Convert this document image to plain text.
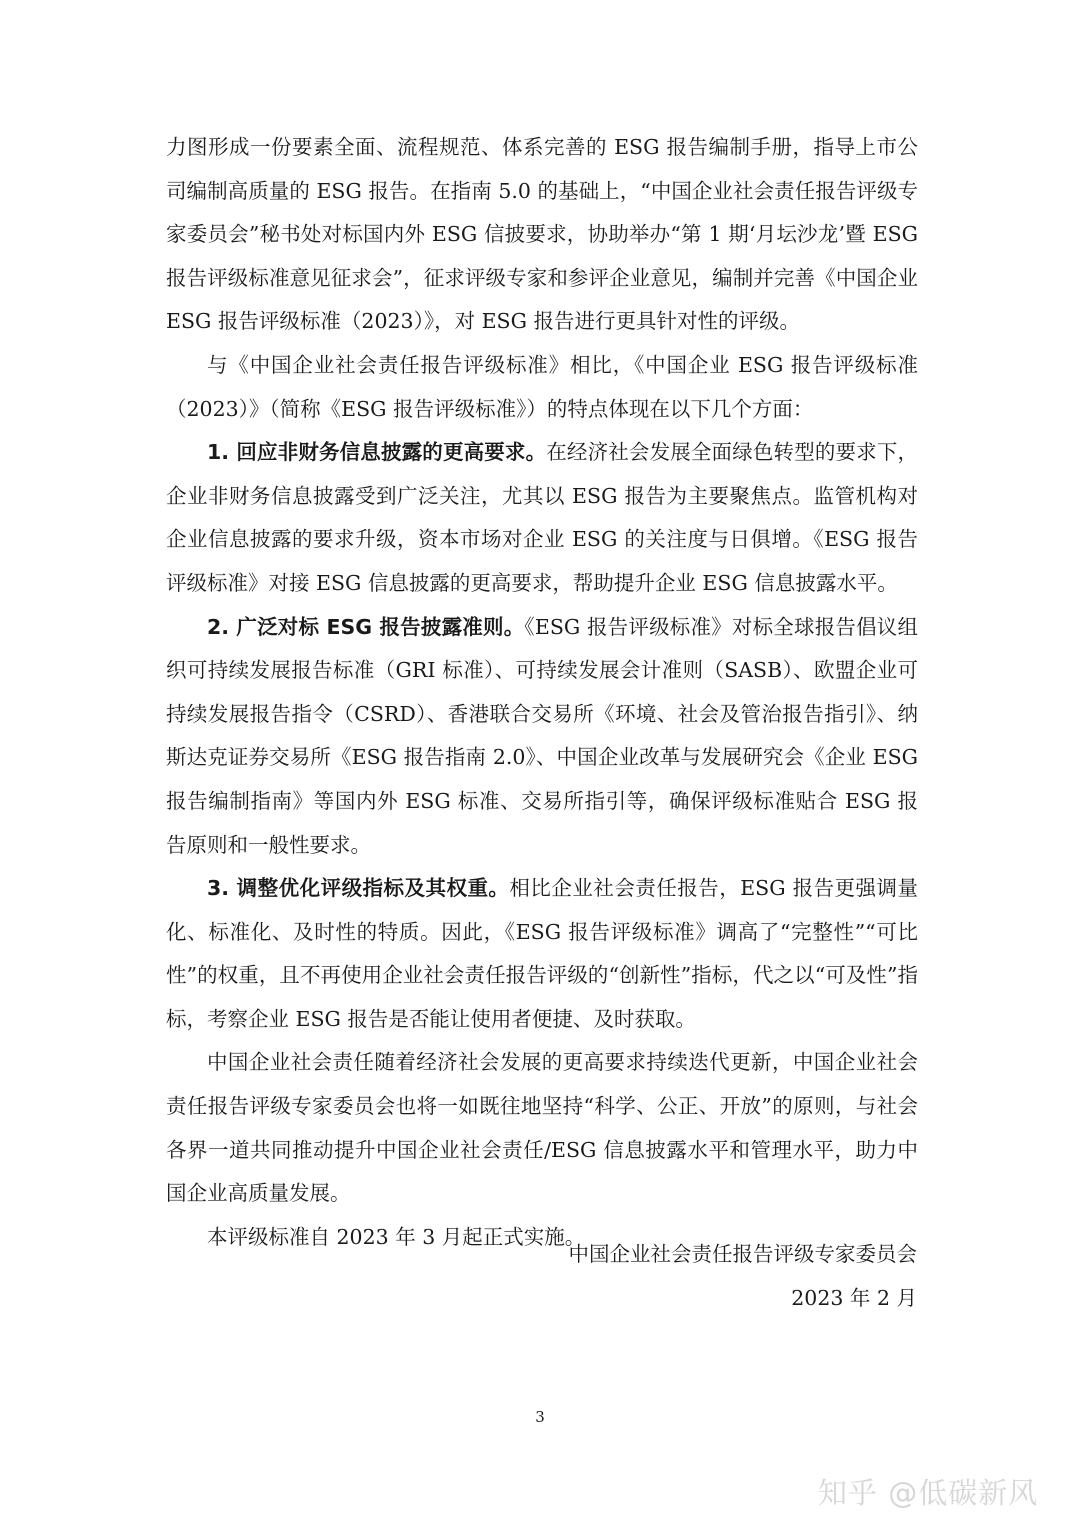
力图形成一份要素全面、流程规范、体系完善的 ESG 报告编制手册，指导上市公司编制高质量的 ESG 报告。在指南 5.0 的基础上，“中国企业社会责任报告评级专家委员会”秘书处对标国内外 ESG 信披要求，协助举办“第 1 期‘月坛沙龙’暨 ESG 报告评级标准意见征求会”，征求评级专家和参评企业意见，编制并完善《中国企业 ESG 报告评级标准（2023）》，对 ESG 报告进行更具针对性的评级。

与《中国企业社会责任报告评级标准》相比，《中国企业 ESG 报告评级标准（2023）》（简称《ESG 报告评级标准》）的特点体现在以下几个方面：

1. 回应非财务信息披露的更高要求。在经济社会发展全面绿色转型的要求下，企业非财务信息披露受到广泛关注，尤其以 ESG 报告为主要聚焦点。监管机构对企业信息披露的要求升级，资本市场对企业 ESG 的关注度与日俱增。《ESG 报告评级标准》对接 ESG 信息披露的更高要求，帮助提升企业 ESG 信息披露水平。

2. 广泛对标 ESG 报告披露准则。《ESG 报告评级标准》对标全球报告倡议组织可持续发展报告标准（GRI 标准）、可持续发展会计准则（SASB）、欧盟企业可持续发展报告指令（CSRD）、香港联合交易所《环境、社会及管治报告指引》、纳斯达克证券交易所《ESG 报告指南 2.0》、中国企业改革与发展研究会《企业 ESG 报告编制指南》等国内外 ESG 标准、交易所指引等，确保评级标准贴合 ESG 报告原则和一般性要求。

3. 调整优化评级指标及其权重。相比企业社会责任报告，ESG 报告更强调量化、标准化、及时性的特质。因此，《ESG 报告评级标准》调高了“完整性”“可比性”的权重，且不再使用企业社会责任报告评级的“创新性”指标，代之以“可及性”指标，考察企业 ESG 报告是否能让使用者便捷、及时获取。

中国企业社会责任随着经济社会发展的更高要求持续迭代更新，中国企业社会责任报告评级专家委员会也将一如既往地坚持“科学、公正、开放”的原则，与社会各界一道共同推动提升中国企业社会责任/ESG 信息披露水平和管理水平，助力中国企业高质量发展。

本评级标准自 2023 年 3 月起正式实施。

中国企业社会责任报告评级专家委员会
2023 年 2 月
3
知乎 @低碳新风
